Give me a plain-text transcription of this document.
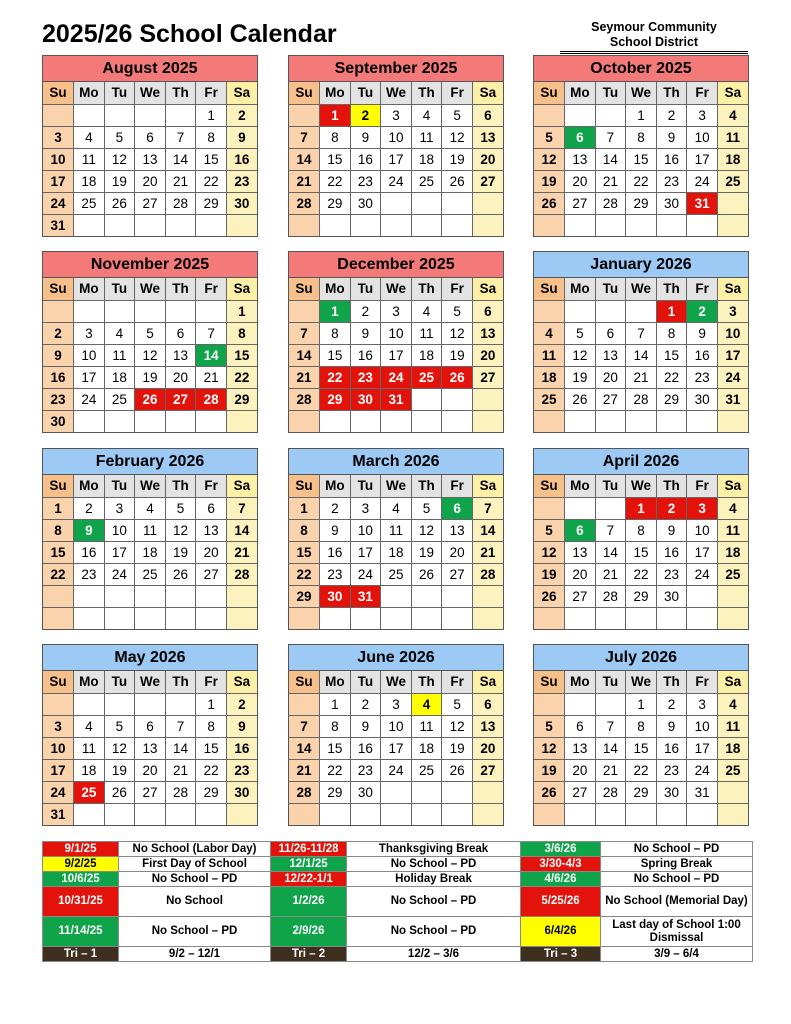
2025/26 School Calendar	Seymour Community
School District
August 2025
Su	Mo	Tu	We	Th	Fr	Sa
					1	2
3	4	5	6	7	8	9
10	11	12	13	14	15	16
17	18	19	20	21	22	23
24	25	26	27	28	29	30
31						
September 2025
Su	Mo	Tu	We	Th	Fr	Sa
	1	2	3	4	5	6
7	8	9	10	11	12	13
14	15	16	17	18	19	20
21	22	23	24	25	26	27
28	29	30				

October 2025
Su	Mo	Tu	We	Th	Fr	Sa
			1	2	3	4
5	6	7	8	9	10	11
12	13	14	15	16	17	18
19	20	21	22	23	24	25
26	27	28	29	30	31	

November 2025
Su	Mo	Tu	We	Th	Fr	Sa
						1
2	3	4	5	6	7	8
9	10	11	12	13	14	15
16	17	18	19	20	21	22
23	24	25	26	27	28	29
30						
December 2025
Su	Mo	Tu	We	Th	Fr	Sa
	1	2	3	4	5	6
7	8	9	10	11	12	13
14	15	16	17	18	19	20
21	22	23	24	25	26	27
28	29	30	31			

January 2026
Su	Mo	Tu	We	Th	Fr	Sa
				1	2	3
4	5	6	7	8	9	10
11	12	13	14	15	16	17
18	19	20	21	22	23	24
25	26	27	28	29	30	31

February 2026
Su	Mo	Tu	We	Th	Fr	Sa
1	2	3	4	5	6	7
8	9	10	11	12	13	14
15	16	17	18	19	20	21
22	23	24	25	26	27	28

March 2026
Su	Mo	Tu	We	Th	Fr	Sa
1	2	3	4	5	6	7
8	9	10	11	12	13	14
15	16	17	18	19	20	21
22	23	24	25	26	27	28
29	30	31				

April 2026
Su	Mo	Tu	We	Th	Fr	Sa
			1	2	3	4
5	6	7	8	9	10	11
12	13	14	15	16	17	18
19	20	21	22	23	24	25
26	27	28	29	30		

May 2026
Su	Mo	Tu	We	Th	Fr	Sa
					1	2
3	4	5	6	7	8	9
10	11	12	13	14	15	16
17	18	19	20	21	22	23
24	25	26	27	28	29	30
31						
June 2026
Su	Mo	Tu	We	Th	Fr	Sa
	1	2	3	4	5	6
7	8	9	10	11	12	13
14	15	16	17	18	19	20
21	22	23	24	25	26	27
28	29	30				

July 2026
Su	Mo	Tu	We	Th	Fr	Sa
			1	2	3	4
5	6	7	8	9	10	11
12	13	14	15	16	17	18
19	20	21	22	23	24	25
26	27	28	29	30	31	

9/1/25	No School (Labor Day)	11/26-11/28	Thanksgiving Break	3/6/26	No School – PD
9/2/25	First Day of School	12/1/25	No School – PD	3/30-4/3	Spring Break
10/6/25	No School – PD	12/22-1/1	Holiday Break	4/6/26	No School – PD
10/31/25	No School	1/2/26	No School – PD	5/25/26	No School (Memorial Day)
11/14/25	No School – PD	2/9/26	No School – PD	6/4/26	Last day of School 1:00 Dismissal
Tri – 1	9/2 – 12/1	Tri – 2	12/2 – 3/6	Tri – 3	3/9 – 6/4
